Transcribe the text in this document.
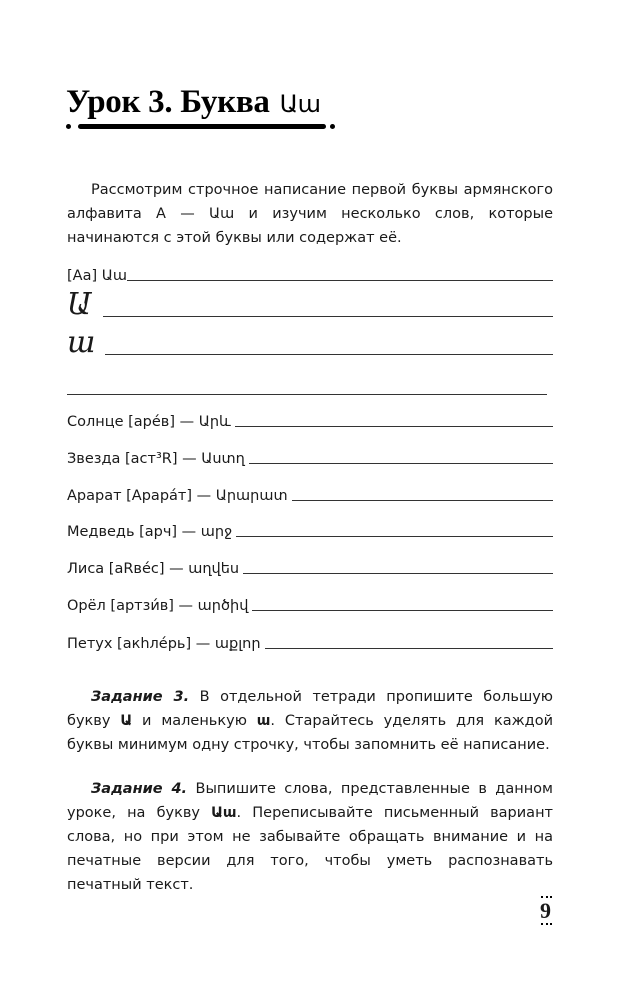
Урок 3. Буква Աա
Рассмотрим строчное написание первой буквы армянского алфавита А — Աա и изучим несколько слов, которые начинаются с этой буквы или содержат её.
[Aa] Աա
Ա
ա
Солнце [арéв] — Արև
Звезда [аст³R] — Աստղ
Арарат [Арарáт] — Արարատ
Медведь [арч] — արջ
Лиса [аRвéс] — աղվես
Орёл [артзи́в] — արծիվ
Петух [акhлéрь] — աքլոր
Задание 3. В отдельной тетради пропишите большую букву Ա и маленькую ա. Старайтесь уделять для каждой буквы минимум одну строчку, чтобы запомнить её написание.
Задание 4. Выпишите слова, представленные в данном уроке, на букву Աա. Переписывайте письменный вариант слова, но при этом не забывайте обращать внимание и на печатные версии для того, чтобы уметь распознавать печатный текст.
9
